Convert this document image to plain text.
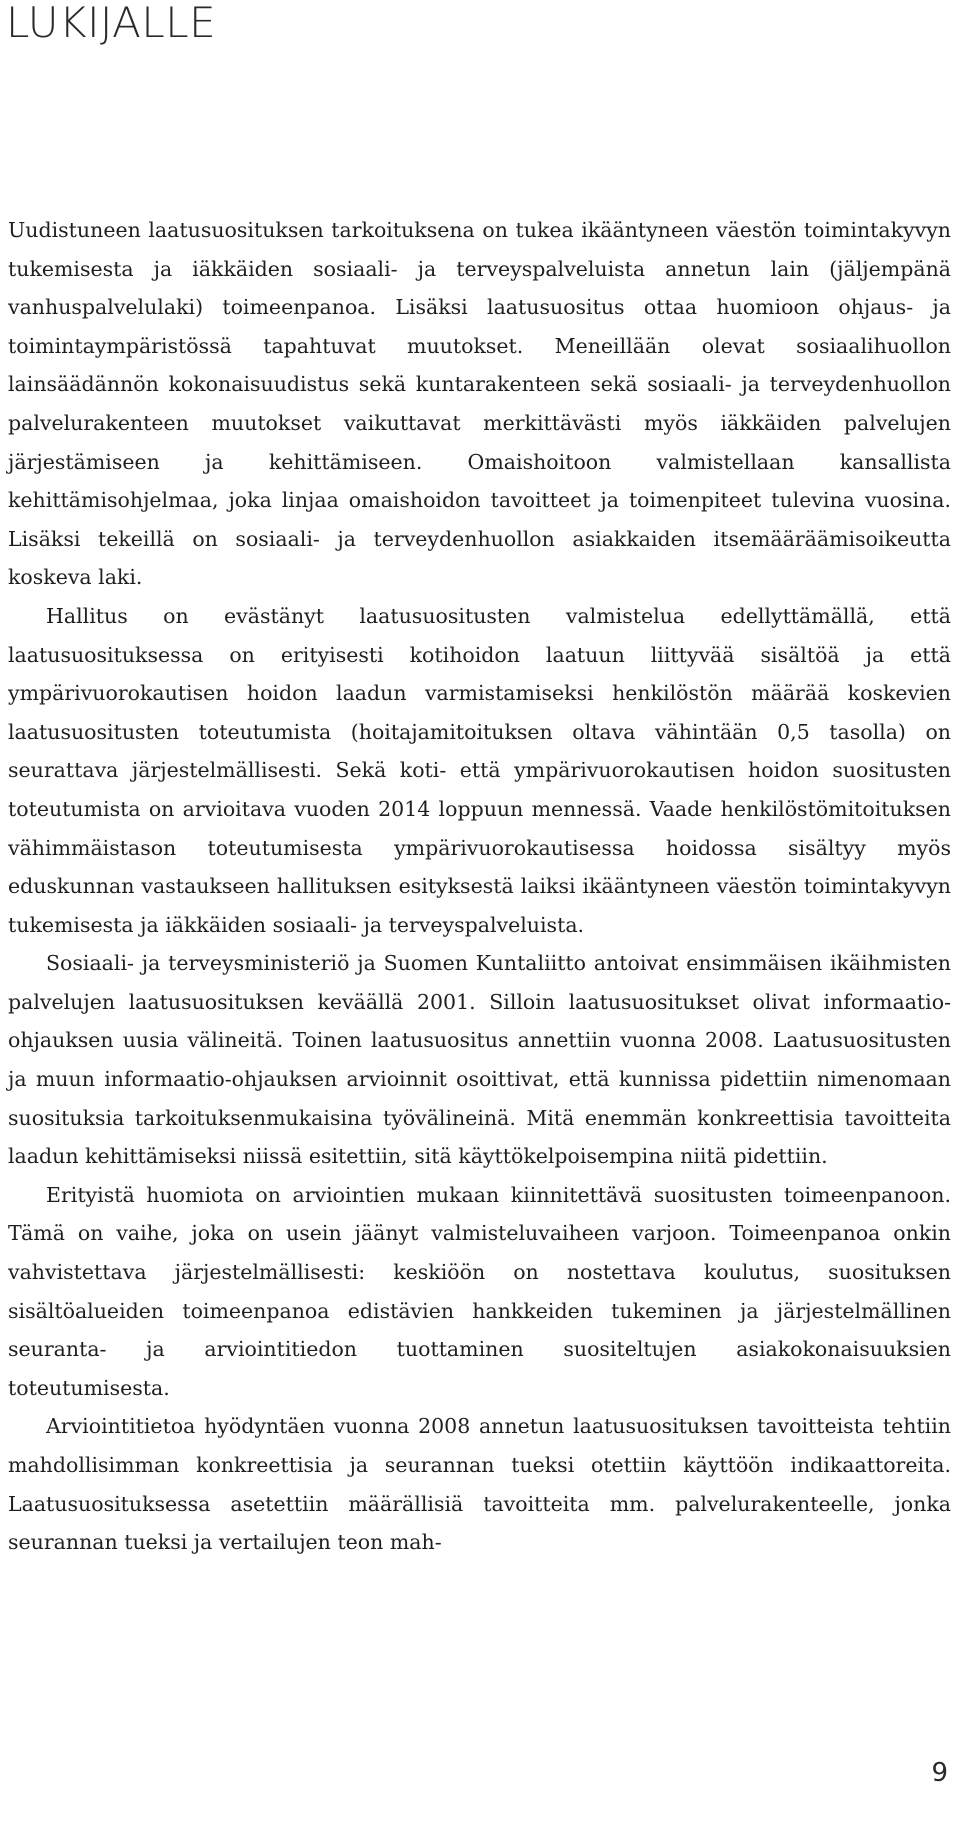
LUKIJALLE

Uudistuneen laatusuosituksen tarkoituksena on tukea ikääntyneen väestön toimintakyvyn tukemisesta ja iäkkäiden sosiaali- ja terveyspalveluista annetun lain (jäljempänä vanhuspalvelulaki) toimeenpanoa. Lisäksi laatusuositus ottaa huomioon ohjaus- ja toimintaympäristössä tapahtuvat muutokset. Meneillään olevat sosiaalihuollon lainsäädännön kokonaisuudistus sekä kuntarakenteen sekä sosiaali- ja terveydenhuollon palvelurakenteen muutokset vaikuttavat merkittävästi myös iäkkäiden palvelujen järjestämiseen ja kehittämiseen. Omaishoitoon valmistellaan kansallista kehittämisohjelmaa, joka linjaa omaishoidon tavoitteet ja toimenpiteet tulevina vuosina. Lisäksi tekeillä on sosiaali- ja terveydenhuollon asiakkaiden itsemääräämisoikeutta koskeva laki.

Hallitus on evästänyt laatusuositusten valmistelua edellyttämällä, että laatusuosituksessa on erityisesti kotihoidon laatuun liittyvää sisältöä ja että ympärivuorokautisen hoidon laadun varmistamiseksi henkilöstön määrää koskevien laatusuositusten toteutumista (hoitajamitoituksen oltava vähintään 0,5 tasolla) on seurattava järjestelmällisesti. Sekä koti- että ympärivuorokautisen hoidon suositusten toteutumista on arvioitava vuoden 2014 loppuun mennessä. Vaade henkilöstömitoituksen vähimmäistason toteutumisesta ympärivuorokautisessa hoidossa sisältyy myös eduskunnan vastaukseen hallituksen esityksestä laiksi ikääntyneen väestön toimintakyvyn tukemisesta ja iäkkäiden sosiaali- ja terveyspalveluista.

Sosiaali- ja terveysministeriö ja Suomen Kuntaliitto antoivat ensimmäisen ikäihmisten palvelujen laatusuosituksen keväällä 2001. Silloin laatusuositukset olivat informaatio-ohjauksen uusia välineitä. Toinen laatusuositus annettiin vuonna 2008. Laatusuositusten ja muun informaatio-ohjauksen arvioinnit osoittivat, että kunnissa pidettiin nimenomaan suosituksia tarkoituksenmukaisina työvälineinä. Mitä enemmän konkreettisia tavoitteita laadun kehittämiseksi niissä esitettiin, sitä käyttökelpoisempina niitä pidettiin.

Erityistä huomiota on arviointien mukaan kiinnitettävä suositusten toimeenpanoon. Tämä on vaihe, joka on usein jäänyt valmisteluvaiheen varjoon. Toimeenpanoa onkin vahvistettava järjestelmällisesti: keskiöön on nostettava koulutus, suosituksen sisältöalueiden toimeenpanoa edistävien hankkeiden tukeminen ja järjestelmällinen seuranta- ja arviointitiedon tuottaminen suositeltujen asiakokonaisuuksien toteutumisesta.

Arviointitietoa hyödyntäen vuonna 2008 annetun laatusuosituksen tavoitteista tehtiin mahdollisimman konkreettisia ja seurannan tueksi otettiin käyttöön indikaattoreita. Laatusuosituksessa asetettiin määrällisiä tavoitteita mm. palvelurakenteelle, jonka seurannan tueksi ja vertailujen teon mah-

9
